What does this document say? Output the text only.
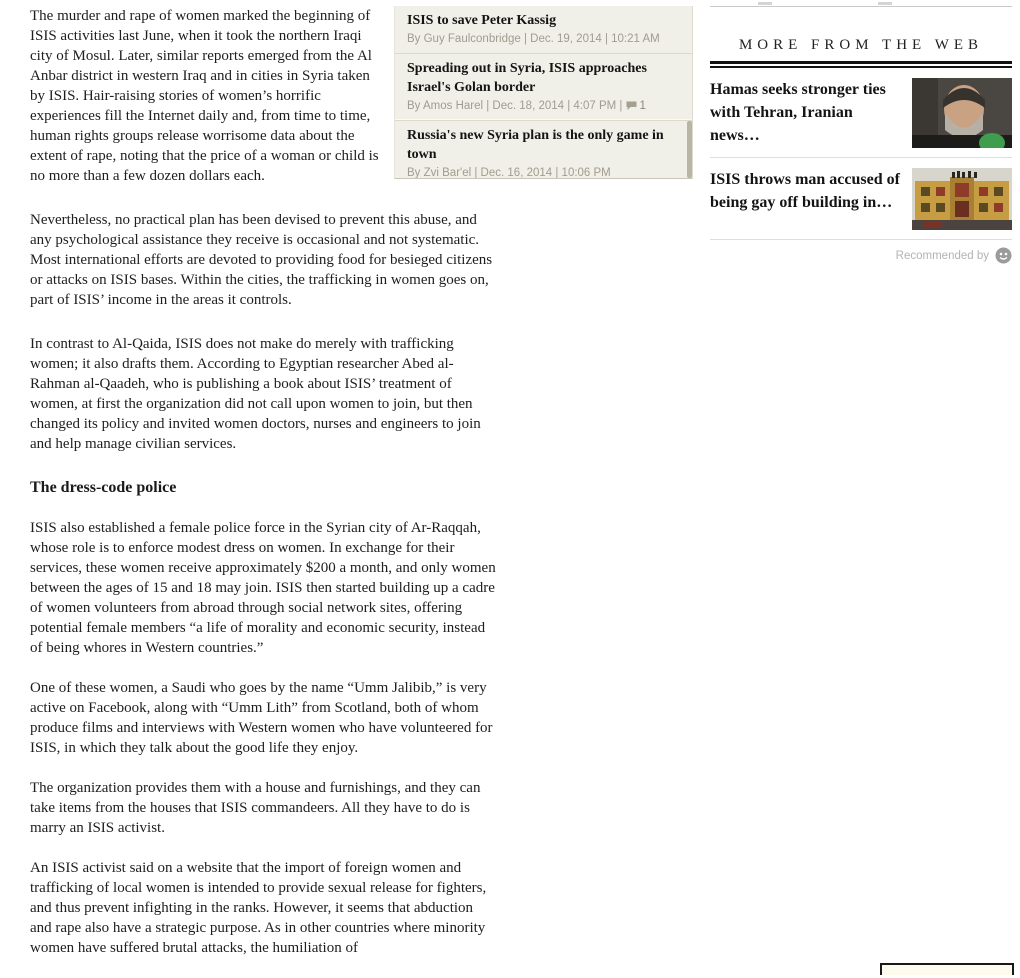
ISIS to save Peter Kassig
By Guy Faulconbridge | Dec. 19, 2014 | 10:21 AM
Spreading out in Syria, ISIS approaches Israel's Golan border
By Amos Harel | Dec. 18, 2014 | 4:07 PM | 1
Russia's new Syria plan is the only game in town
By Zvi Bar'el | Dec. 16, 2014 | 10:06 PM

The murder and rape of women marked the beginning of ISIS activities last June, when it took the northern Iraqi city of Mosul. Later, similar reports emerged from the Al Anbar district in western Iraq and in cities in Syria taken by ISIS. Hair-raising stories of women’s horrific experiences fill the Internet daily and, from time to time, human rights groups release worrisome data about the extent of rape, noting that the price of a woman or child is no more than a few dozen dollars each.

Nevertheless, no practical plan has been devised to prevent this abuse, and any psychological assistance they receive is occasional and not systematic. Most international efforts are devoted to providing food for besieged citizens or attacks on ISIS bases. Within the cities, the trafficking in women goes on, part of ISIS’ income in the areas it controls.

In contrast to Al-Qaida, ISIS does not make do merely with trafficking women; it also drafts them. According to Egyptian researcher Abed al-Rahman al-Qaadeh, who is publishing a book about ISIS’ treatment of women, at first the organization did not call upon women to join, but then changed its policy and invited women doctors, nurses and engineers to join and help manage civilian services.

The dress-code police

ISIS also established a female police force in the Syrian city of Ar-Raqqah, whose role is to enforce modest dress on women. In exchange for their services, these women receive approximately $200 a month, and only women between the ages of 15 and 18 may join. ISIS then started building up a cadre of women volunteers from abroad through social network sites, offering potential female members “a life of morality and economic security, instead of being whores in Western countries.”

One of these women, a Saudi who goes by the name “Umm Jalibib,” is very active on Facebook, along with “Umm Lith” from Scotland, both of whom produce films and interviews with Western women who have volunteered for ISIS, in which they talk about the good life they enjoy.

The organization provides them with a house and furnishings, and they can take items from the houses that ISIS commandeers. All they have to do is marry an ISIS activist.

An ISIS activist said on a website that the import of foreign women and trafficking of local women is intended to provide sexual release for fighters, and thus prevent infighting in the ranks. However, it seems that abduction and rape also have a strategic purpose. As in other countries where minority women have suffered brutal attacks, the humiliation of

MORE FROM THE WEB
Hamas seeks stronger ties with Tehran, Iranian news…
ISIS throws man accused of being gay off building in…
Recommended by
